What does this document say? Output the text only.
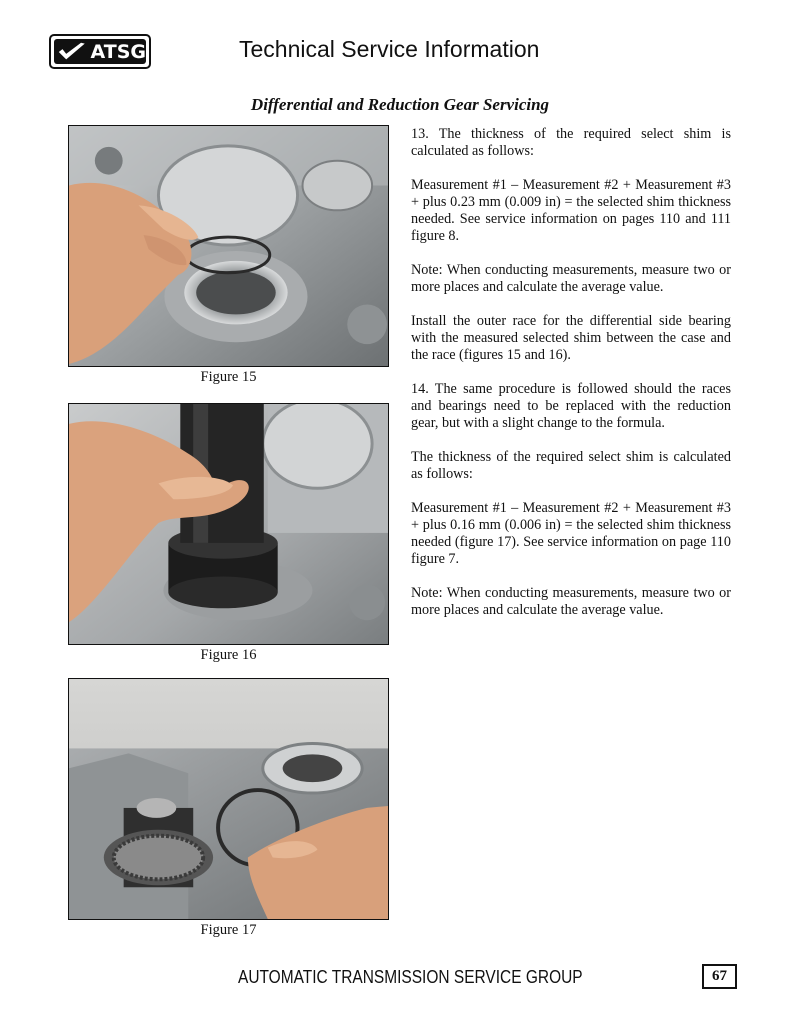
ATSG	Technical Service Information
Differential and Reduction Gear Servicing
Figure 15
Figure 16
Figure 17

13. The thickness of the required select shim is calculated as follows:

Measurement #1 – Measurement #2 + Measurement #3 + plus 0.23 mm (0.009 in) = the selected shim thickness needed. See service information on pages 110 and 111 figure 8.

Note: When conducting measurements, measure two or more places and calculate the average value.

Install the outer race for the differential side bearing with the measured selected shim between the case and the race (figures 15 and 16).

14. The same procedure is followed should the races and bearings need to be replaced with the reduction gear, but with a slight change to the formula.

The thickness of the required select shim is calculated as follows:

Measurement #1 – Measurement #2 + Measurement #3 + plus 0.16 mm (0.006 in) = the selected shim thickness needed (figure 17). See service information on page 110 figure 7.

Note: When conducting measurements, measure two or more places and calculate the average value.

AUTOMATIC TRANSMISSION SERVICE GROUP	67
